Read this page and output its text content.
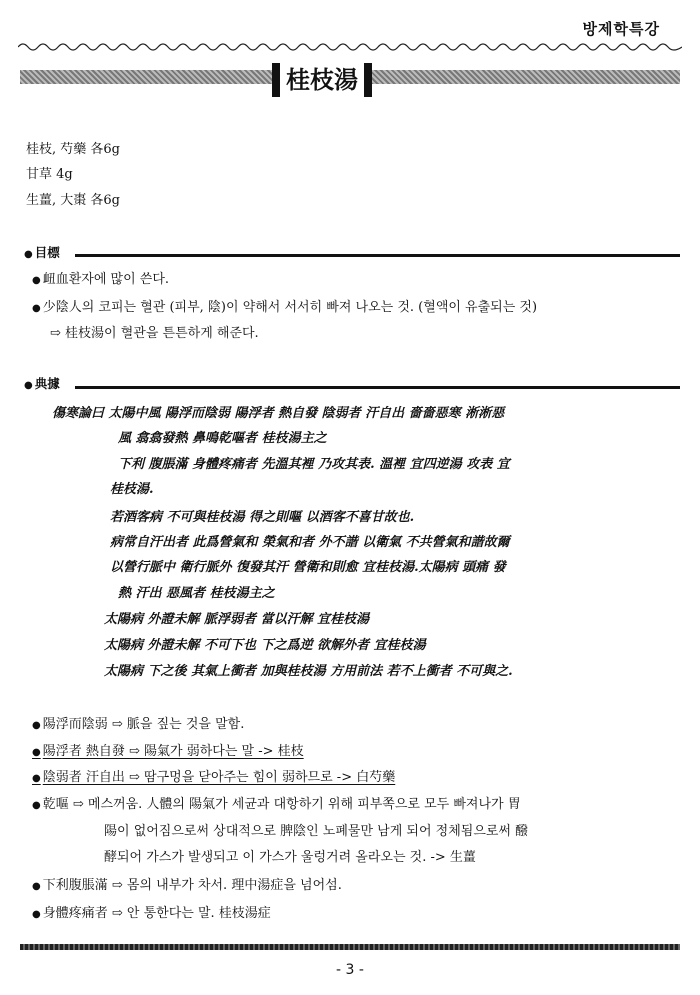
방제학특강
桂枝湯
桂枝, 芍藥 各6g
甘草 4g
生薑, 大棗 各6g
● 目標
● 衄血환자에 많이 쓴다.
● 少陰人의 코피는 혈관 (피부, 陰)이 약해서 서서히 빠져 나오는 것. (혈액이 유출되는 것)
⇨ 桂枝湯이 혈관을 튼튼하게 해준다.
● 典據
傷寒論曰 太陽中風 陽浮而陰弱 陽浮者 熱自發 陰弱者 汗自出 嗇嗇惡寒 淅淅惡
風 翕翕發熱 鼻鳴乾嘔者 桂枝湯主之
下利 腹脹滿 身體疼痛者 先溫其裡 乃攻其表. 溫裡 宜四逆湯 攻表 宜
桂枝湯.
若酒客病 不可與桂枝湯 得之則嘔 以酒客不喜甘故也.
病常自汗出者 此爲營氣和 榮氣和者 外不諧 以衛氣 不共營氣和諧故爾
以營行脈中 衛行脈外 復發其汗 營衛和則愈 宜桂枝湯.太陽病 頭痛 發
熱 汗出 惡風者 桂枝湯主之
太陽病 外證未解 脈浮弱者 當以汗解 宜桂枝湯
太陽病 外證未解 不可下也 下之爲逆 欲解外者 宜桂枝湯
太陽病 下之後 其氣上衝者 加與桂枝湯 方用前法 若不上衝者 不可與之.
● 陽浮而陰弱 ⇨ 脈을 짚는 것을 말함.
● 陽浮者 熱自發 ⇨ 陽氣가 弱하다는 말 -> 桂枝
● 陰弱者 汗自出 ⇨ 땀구멍을 닫아주는 힘이 弱하므로 -> 白芍藥
● 乾嘔 ⇨ 메스꺼움. 人體의 陽氣가 세균과 대항하기 위해 피부쪽으로 모두 빠져나가 胃
陽이 없어짐으로써 상대적으로 脾陰인 노폐물만 남게 되어 정체됨으로써 醱
酵되어 가스가 발생되고 이 가스가 울렁거려 올라오는 것. -> 生薑
● 下利腹脹滿 ⇨ 몸의 내부가 차서. 理中湯症을 넘어섬.
● 身體疼痛者 ⇨ 안 통한다는 말. 桂枝湯症
- 3 -
